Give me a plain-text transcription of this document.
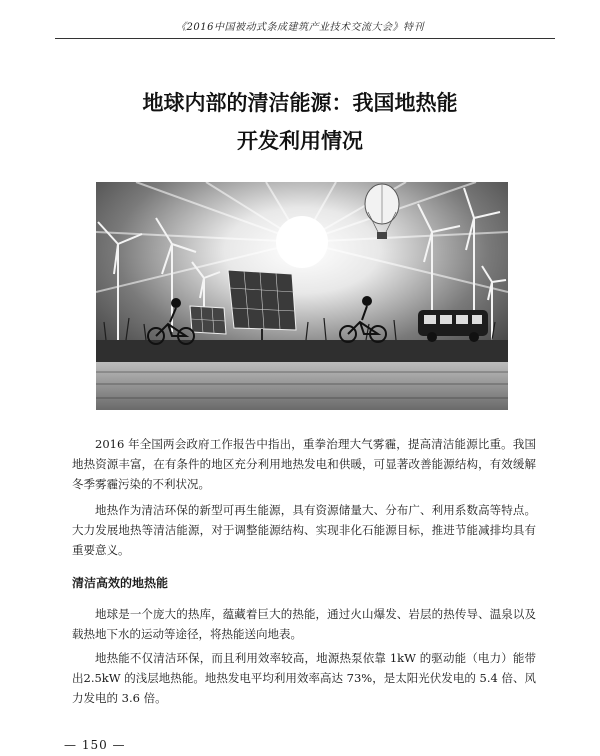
《2016中国被动式条成建筑产业技术交流大会》特刊
地球内部的清洁能源：我国地热能
开发利用情况

2016 年全国两会政府工作报告中指出，重拳治理大气雾霾，提高清洁能源比重。我国地热资源丰富，在有条件的地区充分利用地热发电和供暖，可显著改善能源结构，有效缓解冬季雾霾污染的不利状况。

地热作为清洁环保的新型可再生能源，具有资源储量大、分布广、利用系数高等特点。大力发展地热等清洁能源，对于调整能源结构、实现非化石能源目标，推进节能减排均具有重要意义。

清洁高效的地热能

地球是一个庞大的热库，蕴藏着巨大的热能，通过火山爆发、岩层的热传导、温泉以及载热地下水的运动等途径，将热能送向地表。

地热能不仅清洁环保，而且利用效率较高，地源热泵依靠 1kW 的驱动能（电力）能带出2.5kW 的浅层地热能。地热发电平均利用效率高达 73%，是太阳光伏发电的 5.4 倍、风力发电的 3.6 倍。

— 150 —
